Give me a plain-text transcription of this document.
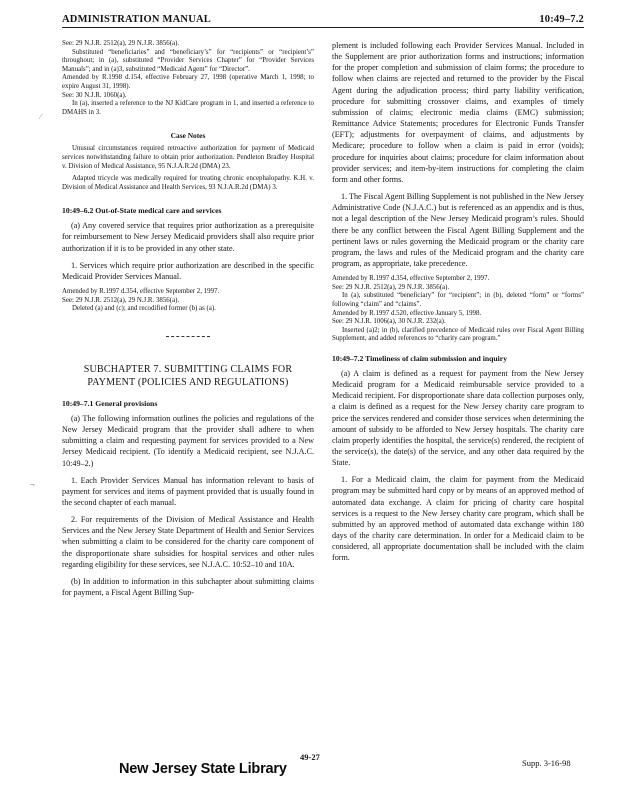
ADMINISTRATION MANUAL	10:49–7.2
⁄
¬

See: 29 N.J.R. 2512(a), 29 N.J.R. 3856(a).

Substituted “beneficiaries” and “beneficiary’s” for “recipients” or “recipient’s” throughout; in (a), substituted “Provider Services Chapter” for “Provider Services Manuals”; and in (a)3, substituted “Medicaid Agent” for “Director”.

Amended by R.1998 d.154, effective February 27, 1998 (operative March 1, 1998; to expire August 31, 1998).

See: 30 N.J.R. 1060(a).

In (a), inserted a reference to the NJ KidCare program in 1, and inserted a reference to DMAHS in 3.

Case Notes

Unusual circumstances required retroactive authorization for payment of Medicaid services notwithstanding failure to obtain prior authorization. Pendleton Bradley Hospital v. Division of Medical Assistance, 95 N.J.A.R.2d (DMA) 23.

Adapted tricycle was medically required for treating chronic encephalopathy. K.H. v. Division of Medical Assistance and Health Services, 93 N.J.A.R.2d (DMA) 3.

10:49–6.2 Out-of-State medical care and services

(a) Any covered service that requires prior authorization as a prerequisite for reimbursement to New Jersey Medicaid providers shall also require prior authorization if it is to be provided in any other state.

1. Services which require prior authorization are described in the specific Medicaid Provider Services Manual.

Amended by R.1997 d.354, effective September 2, 1997.

See: 29 N.J.R. 2512(a), 29 N.J.R. 3856(a).

Deleted (a) and (c); and recodified former (b) as (a).

SUBCHAPTER 7. SUBMITTING CLAIMS FOR PAYMENT (POLICIES AND REGULATIONS)

10:49–7.1 General provisions

(a) The following information outlines the policies and regulations of the New Jersey Medicaid program that the provider shall adhere to when submitting a claim and requesting payment for services provided to a New Jersey Medicaid recipient. (To identify a Medicaid recipient, see N.J.A.C. 10:49–2.)

1. Each Provider Services Manual has information relevant to basis of payment for services and items of payment provided that is usually found in the second chapter of each manual.

2. For requirements of the Division of Medical Assistance and Health Services and the New Jersey State Department of Health and Senior Services when submitting a claim to be considered for the charity care component of the disproportionate share subsidies for hospital services and other rules regarding eligibility for these services, see N.J.A.C. 10:52–10 and 10A.

(b) In addition to information in this subchapter about submitting claims for payment, a Fiscal Agent Billing Sup-

plement is included following each Provider Services Manual. Included in the Supplement are prior authorization forms and instructions; information for the proper completion and submission of claim forms; the procedure to follow when claims are rejected and returned to the provider by the Fiscal Agent during the adjudication process; third party liability verification, procedure for submitting crossover claims, and examples of timely submission of claims; electronic media claims (EMC) submission; Remittance Advice Statements; procedures for Electronic Funds Transfer (EFT); adjustments for overpayment of claims, and adjustments by Medicare; procedure to follow when a claim is paid in error (voids); procedure for inquiries about claims; procedure for claim information about provider services; and item-by-item instructions for completing the claim form and other forms.

1. The Fiscal Agent Billing Supplement is not published in the New Jersey Administrative Code (N.J.A.C.) but is referenced as an appendix and is thus, not a legal description of the New Jersey Medicaid program’s rules. Should there be any conflict between the Fiscal Agent Billing Supplement and the pertinent laws or rules governing the Medicaid program or the charity care program, the laws and rules of the Medicaid program and the charity care program, as appropriate, take precedence.

Amended by R.1997 d.354, effective September 2, 1997.

See: 29 N.J.R. 2512(a), 29 N.J.R. 3856(a).

In (a), substituted “beneficiary” for “recipient”; in (b), deleted “form” or “forms” following “claim” and “claims”.

Amended by R.1997 d.520, effective January 5, 1998.

See: 29 N.J.R. 1006(a), 30 N.J.R. 232(a).

Inserted (a)2; in (b), clarified precedence of Medicaid rules over Fiscal Agent Billing Supplement, and added references to “charity care program.”

10:49–7.2 Timeliness of claim submission and inquiry

(a) A claim is defined as a request for payment from the New Jersey Medicaid program for a Medicaid reimbursable service provided to a Medicaid recipient. For disproportionate share data collection purposes only, a claim is defined as a request for the New Jersey charity care program to price the services rendered and consider those services when determining the amount of subsidy to be afforded to New Jersey hospitals. The charity care claim properly identifies the hospital, the service(s) rendered, the recipient of the service(s), the date(s) of the service, and any other data required by the State.

1. For a Medicaid claim, the claim for payment from the Medicaid program may be submitted hard copy or by means of an approved method of automated data exchange. A claim for pricing of charity care hospital services is a request to the New Jersey charity care program, which shall be submitted by an approved method of automated data exchange within 180 days of the charity care determination. In order for a Medicaid claim to be considered, all appropriate documentation shall be included with the claim form.

49-27
Supp. 3-16-98
New Jersey State Library
